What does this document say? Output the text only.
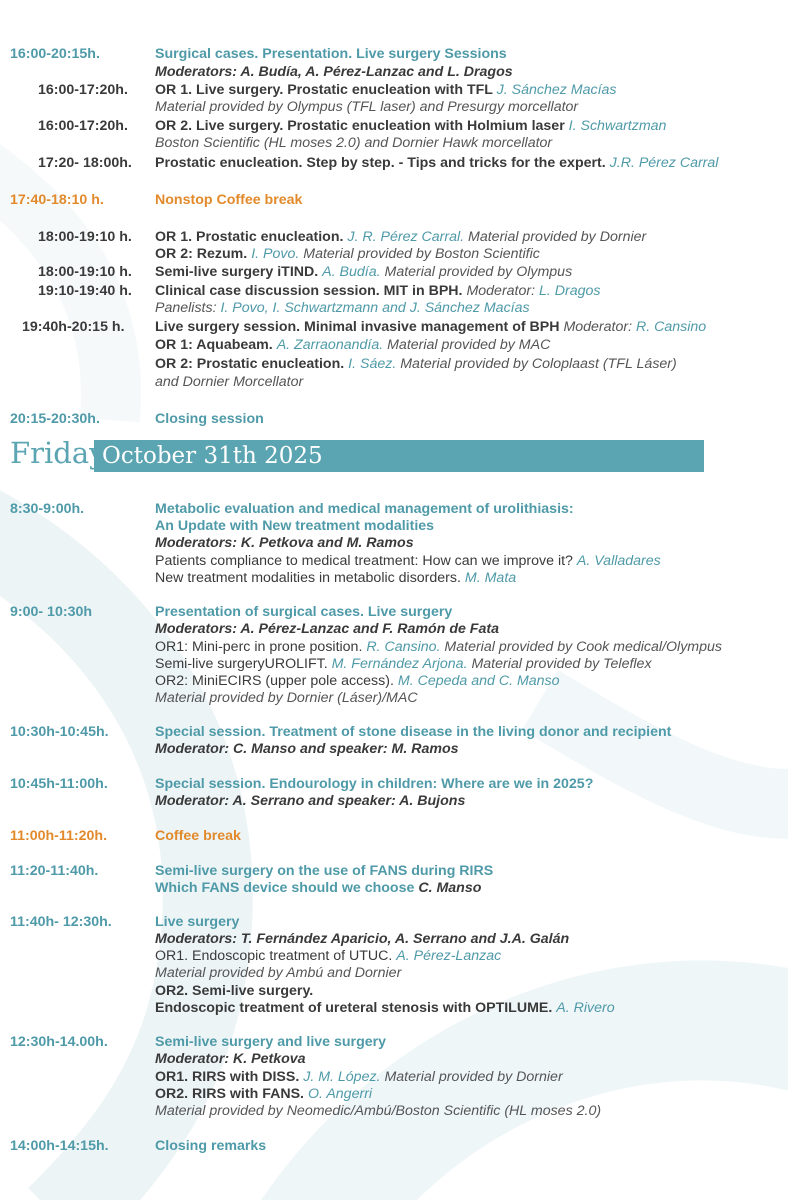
16:00-20:15h.	Surgical cases. Presentation. Live surgery Sessions
Moderators: A. Budía, A. Pérez-Lanzac and L. Dragos
16:00-17:20h. OR 1. Live surgery. Prostatic enucleation with TFL J. Sánchez Macías
Material provided by Olympus (TFL laser) and Presurgy morcellator
16:00-17:20h. OR 2. Live surgery. Prostatic enucleation with Holmium laser I. Schwartzman
Boston Scientific (HL moses 2.0) and Dornier Hawk morcellator
17:20- 18:00h. Prostatic enucleation. Step by step. - Tips and tricks for the expert. J.R. Pérez Carral
17:40-18:10 h.	Nonstop Coffee break
18:00-19:10 h. OR 1. Prostatic enucleation. J. R. Pérez Carral. Material provided by Dornier
OR 2: Rezum. I. Povo. Material provided by Boston Scientific
18:00-19:10 h. Semi-live surgery iTIND. A. Budía. Material provided by Olympus
19:10-19:40 h. Clinical case discussion session. MIT in BPH. Moderator: L. Dragos
Panelists: I. Povo, I. Schwartzmann and J. Sánchez Macías
19:40h-20:15 h. Live surgery session. Minimal invasive management of BPH Moderator: R. Cansino
OR 1: Aquabeam. A. Zarraonandía. Material provided by MAC
OR 2: Prostatic enucleation. I. Sáez. Material provided by Coloplaast (TFL Láser)
and Dornier Morcellator
20:15-20:30h.	Closing session
Friday,
October 31th 2025
8:30-9:00h.	Metabolic evaluation and medical management of urolithiasis:
An Update with New treatment modalities
Moderators: K. Petkova and M. Ramos
Patients compliance to medical treatment: How can we improve it? A. Valladares
New treatment modalities in metabolic disorders. M. Mata
9:00- 10:30h	Presentation of surgical cases. Live surgery
Moderators: A. Pérez-Lanzac and F. Ramón de Fata
OR1: Mini-perc in prone position. R. Cansino. Material provided by Cook medical/Olympus
Semi-live surgeryUROLIFT. M. Fernández Arjona. Material provided by Teleflex
OR2: MiniECIRS (upper pole access). M. Cepeda and C. Manso
Material provided by Dornier (Láser)/MAC
10:30h-10:45h.	Special session. Treatment of stone disease in the living donor and recipient
Moderator: C. Manso and speaker: M. Ramos
10:45h-11:00h.	Special session. Endourology in children: Where are we in 2025?
Moderator: A. Serrano and speaker: A. Bujons
11:00h-11:20h.	Coffee break
11:20-11:40h.	Semi-live surgery on the use of FANS during RIRS
Which FANS device should we choose C. Manso
11:40h- 12:30h.	Live surgery
Moderators: T. Fernández Aparicio, A. Serrano and J.A. Galán
OR1. Endoscopic treatment of UTUC. A. Pérez-Lanzac
Material provided by Ambú and Dornier
OR2. Semi-live surgery.
Endoscopic treatment of ureteral stenosis with OPTILUME. A. Rivero
12:30h-14.00h.	Semi-live surgery and live surgery
Moderator: K. Petkova
OR1. RIRS with DISS. J. M. López. Material provided by Dornier
OR2. RIRS with FANS. O. Angerri
Material provided by Neomedic/Ambú/Boston Scientific (HL moses 2.0)
14:00h-14:15h.	Closing remarks
